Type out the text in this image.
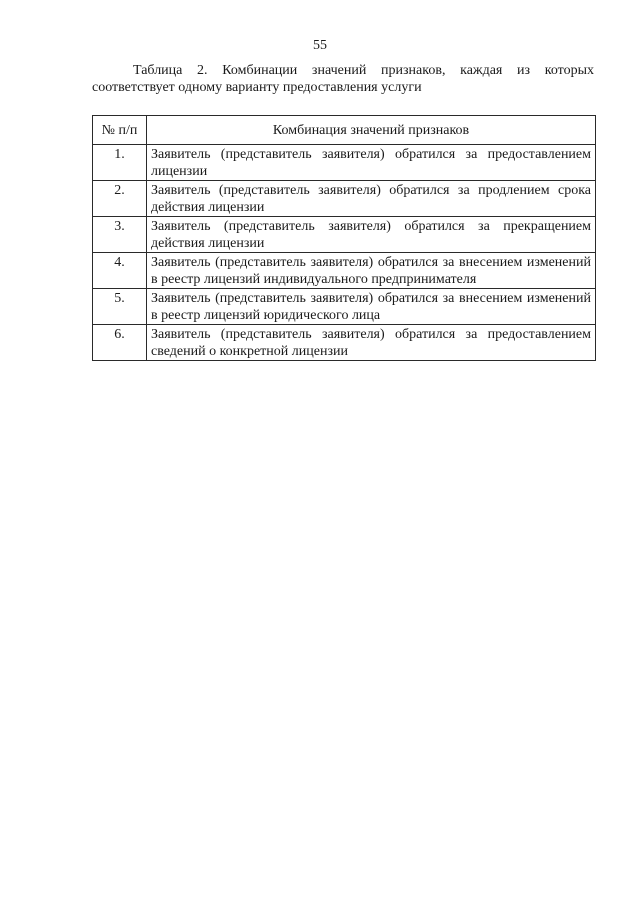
55

Таблица 2. Комбинации значений признаков, каждая из которых соответствует одному варианту предоставления услуги

№ п/п	Комбинация значений признаков
1.	Заявитель (представитель заявителя) обратился за предоставлением лицензии
2.	Заявитель (представитель заявителя) обратился за продлением срока действия лицензии
3.	Заявитель (представитель заявителя) обратился за прекращением действия лицензии
4.	Заявитель (представитель заявителя) обратился за внесением изменений в реестр лицензий индивидуального предпринимателя
5.	Заявитель (представитель заявителя) обратился за внесением изменений в реестр лицензий юридического лица
6.	Заявитель (представитель заявителя) обратился за предоставлением сведений о конкретной лицензии
